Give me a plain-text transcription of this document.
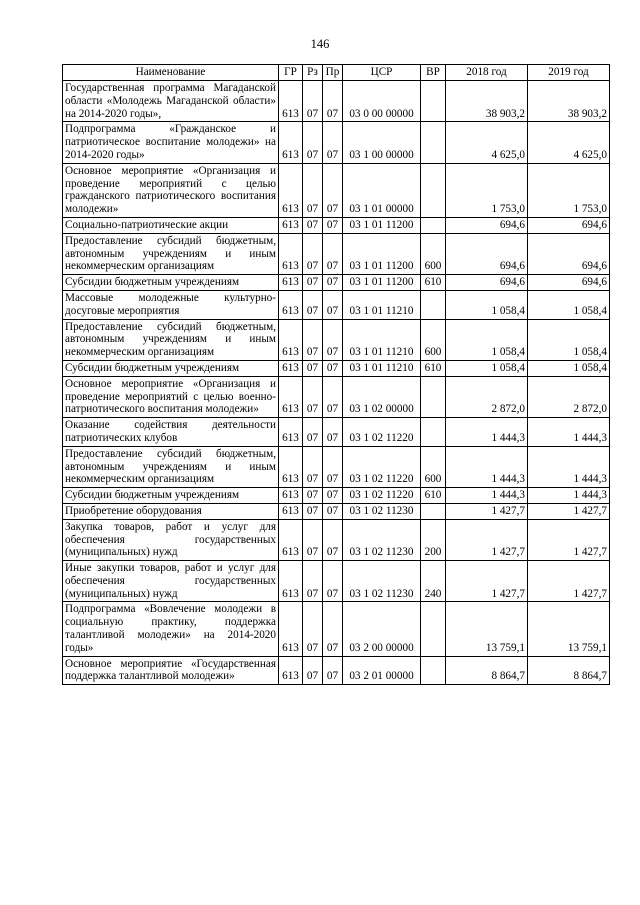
146
Наименование	ГР	Рз	Пр	ЦСР	ВР	2018 год	2019 год
Государственная программа Магаданской области «Молодежь Магаданской области» на 2014-2020 годы»,	613	07	07	03 0 00 00000		38 903,2	38 903,2
Подпрограмма «Гражданское и патриотическое воспитание молодежи» на 2014-2020 годы»	613	07	07	03 1 00 00000		4 625,0	4 625,0
Основное мероприятие «Организация и проведение мероприятий с целью гражданского патриотического воспитания молодежи»	613	07	07	03 1 01 00000		1 753,0	1 753,0
Социально-патриотические акции	613	07	07	03 1 01 11200		694,6	694,6
Предоставление субсидий бюджетным, автономным учреждениям и иным некоммерческим организациям	613	07	07	03 1 01 11200	600	694,6	694,6
Субсидии бюджетным учреждениям	613	07	07	03 1 01 11200	610	694,6	694,6
Массовые молодежные культурно-досуговые мероприятия	613	07	07	03 1 01 11210		1 058,4	1 058,4
Предоставление субсидий бюджетным, автономным учреждениям и иным некоммерческим организациям	613	07	07	03 1 01 11210	600	1 058,4	1 058,4
Субсидии бюджетным учреждениям	613	07	07	03 1 01 11210	610	1 058,4	1 058,4
Основное мероприятие «Организация и проведение мероприятий с целью военно-патриотического воспитания молодежи»	613	07	07	03 1 02 00000		2 872,0	2 872,0
Оказание содействия деятельности патриотических клубов	613	07	07	03 1 02 11220		1 444,3	1 444,3
Предоставление субсидий бюджетным, автономным учреждениям и иным некоммерческим организациям	613	07	07	03 1 02 11220	600	1 444,3	1 444,3
Субсидии бюджетным учреждениям	613	07	07	03 1 02 11220	610	1 444,3	1 444,3
Приобретение оборудования	613	07	07	03 1 02 11230		1 427,7	1 427,7
Закупка товаров, работ и услуг для обеспечения государственных (муниципальных) нужд	613	07	07	03 1 02 11230	200	1 427,7	1 427,7
Иные закупки товаров, работ и услуг для обеспечения государственных (муниципальных) нужд	613	07	07	03 1 02 11230	240	1 427,7	1 427,7
Подпрограмма «Вовлечение молодежи в социальную практику, поддержка талантливой молодежи» на 2014-2020 годы»	613	07	07	03 2 00 00000		13 759,1	13 759,1
Основное мероприятие «Государственная поддержка талантливой молодежи»	613	07	07	03 2 01 00000		8 864,7	8 864,7
